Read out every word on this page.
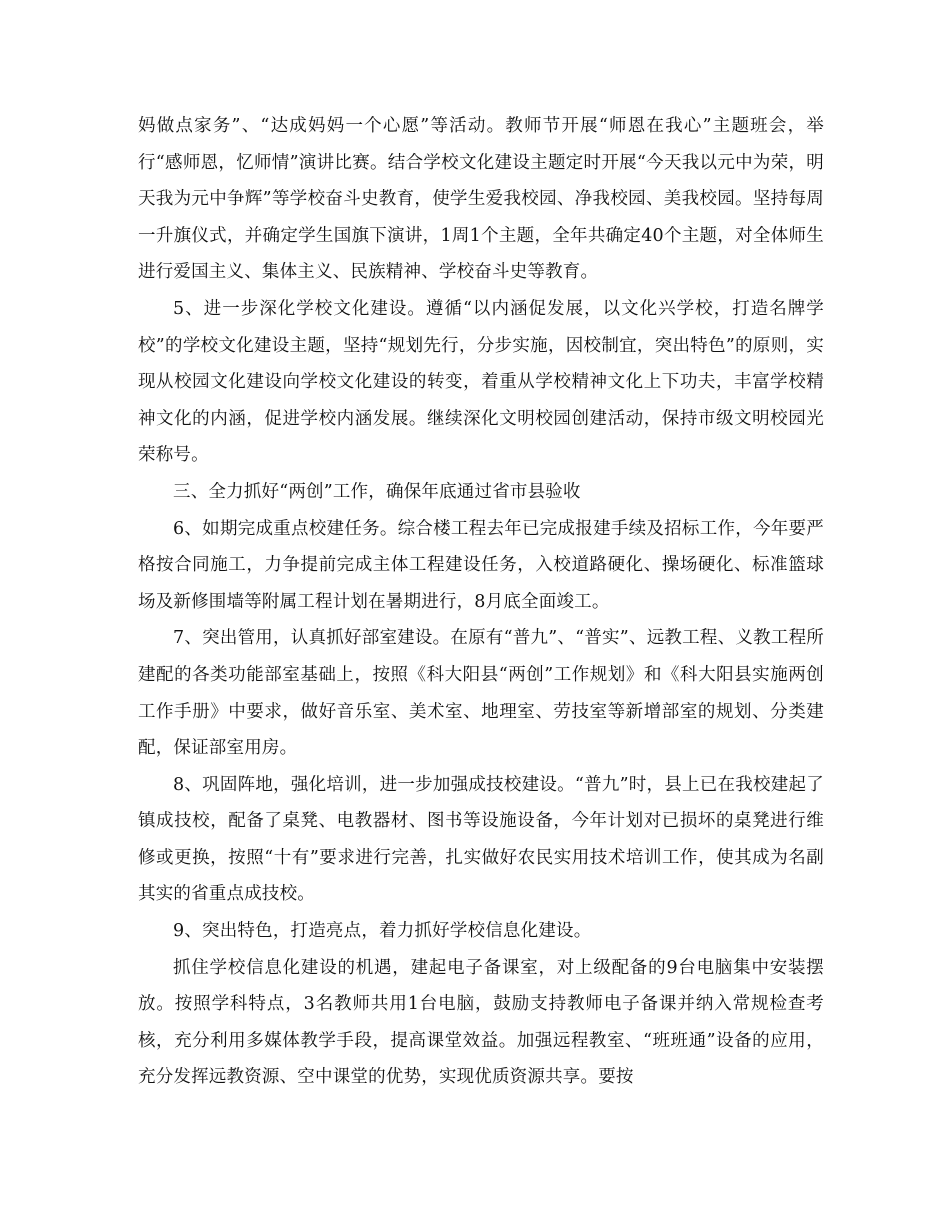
妈做点家务”、“达成妈妈一个心愿”等活动。教师节开展“师恩在我心”主题班会，举行“感师恩，忆师情”演讲比赛。结合学校文化建设主题定时开展“今天我以元中为荣，明天我为元中争辉”等学校奋斗史教育，使学生爱我校园、净我校园、美我校园。坚持每周一升旗仪式，并确定学生国旗下演讲，1周1个主题，全年共确定40个主题，对全体师生进行爱国主义、集体主义、民族精神、学校奋斗史等教育。

5、进一步深化学校文化建设。遵循“以内涵促发展，以文化兴学校，打造名牌学校”的学校文化建设主题，坚持“规划先行，分步实施，因校制宜，突出特色”的原则，实现从校园文化建设向学校文化建设的转变，着重从学校精神文化上下功夫，丰富学校精神文化的内涵，促进学校内涵发展。继续深化文明校园创建活动，保持市级文明校园光荣称号。

三、全力抓好“两创”工作，确保年底通过省市县验收

6、如期完成重点校建任务。综合楼工程去年已完成报建手续及招标工作，今年要严格按合同施工，力争提前完成主体工程建设任务，入校道路硬化、操场硬化、标准篮球场及新修围墙等附属工程计划在暑期进行，8月底全面竣工。

7、突出管用，认真抓好部室建设。在原有“普九”、“普实”、远教工程、义教工程所建配的各类功能部室基础上，按照《科大阳县“两创”工作规划》和《科大阳县实施两创工作手册》中要求，做好音乐室、美术室、地理室、劳技室等新增部室的规划、分类建配，保证部室用房。

8、巩固阵地，强化培训，进一步加强成技校建设。“普九”时，县上已在我校建起了镇成技校，配备了桌凳、电教器材、图书等设施设备，今年计划对已损坏的桌凳进行维修或更换，按照“十有”要求进行完善，扎实做好农民实用技术培训工作，使其成为名副其实的省重点成技校。

9、突出特色，打造亮点，着力抓好学校信息化建设。

抓住学校信息化建设的机遇，建起电子备课室，对上级配备的9台电脑集中安装摆放。按照学科特点，3名教师共用1台电脑，鼓励支持教师电子备课并纳入常规检查考核，充分利用多媒体教学手段，提高课堂效益。加强远程教室、“班班通”设备的应用，充分发挥远教资源、空中课堂的优势，实现优质资源共享。要按
